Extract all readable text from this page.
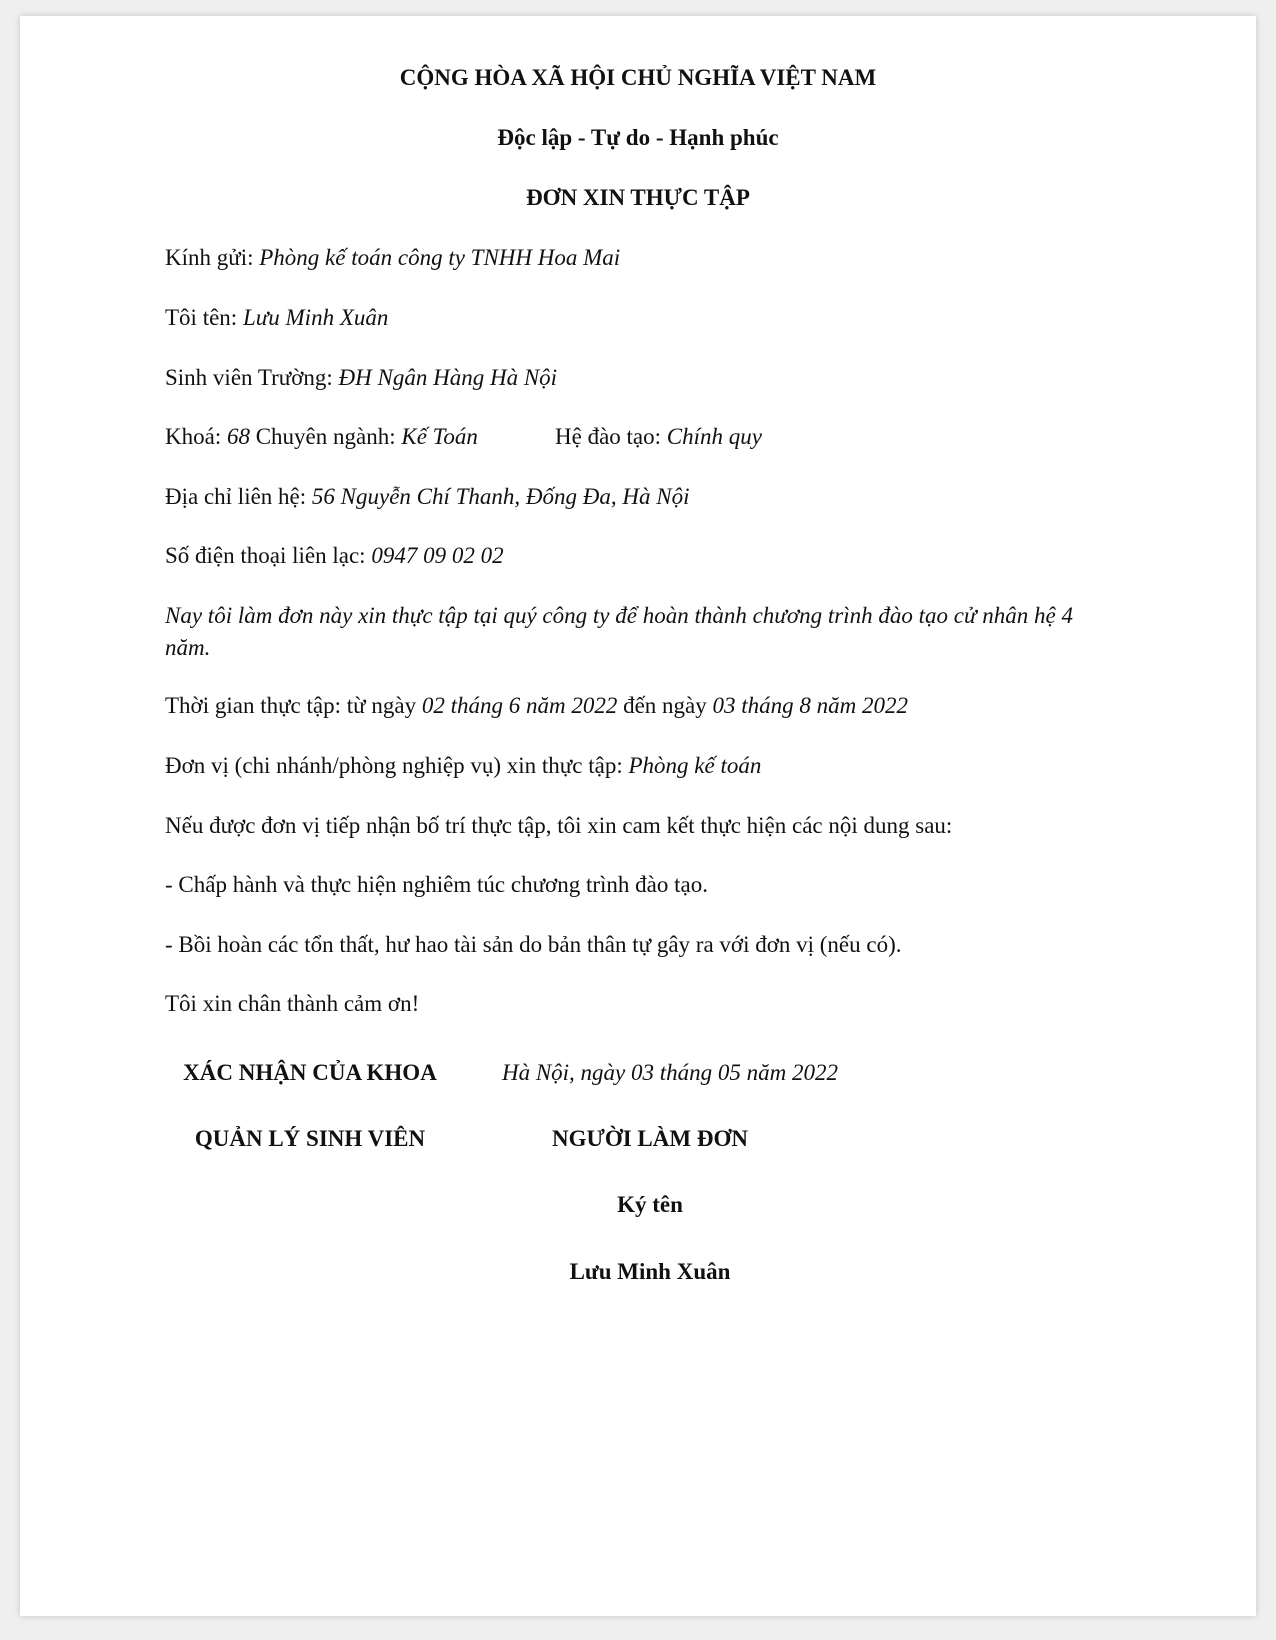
CỘNG HÒA XÃ HỘI CHỦ NGHĨA VIỆT NAM
Độc lập - Tự do - Hạnh phúc
ĐƠN XIN THỰC TẬP
Kính gửi: Phòng kế toán công ty TNHH Hoa Mai
Tôi tên: Lưu Minh Xuân
Sinh viên Trường: ĐH Ngân Hàng Hà Nội
Khoá: 68 Chuyên ngành: Kế Toán	Hệ đào tạo: Chính quy
Địa chỉ liên hệ: 56 Nguyễn Chí Thanh, Đống Đa, Hà Nội
Số điện thoại liên lạc: 0947 09 02 02
Nay tôi làm đơn này xin thực tập tại quý công ty để hoàn thành chương trình đào tạo cử nhân hệ 4 năm.
Thời gian thực tập: từ ngày 02 tháng 6 năm 2022 đến ngày 03 tháng 8 năm 2022
Đơn vị (chi nhánh/phòng nghiệp vụ) xin thực tập: Phòng kế toán
Nếu được đơn vị tiếp nhận bố trí thực tập, tôi xin cam kết thực hiện các nội dung sau:
- Chấp hành và thực hiện nghiêm túc chương trình đào tạo.
- Bồi hoàn các tổn thất, hư hao tài sản do bản thân tự gây ra với đơn vị (nếu có).
Tôi xin chân thành cảm ơn!
XÁC NHẬN CỦA KHOA	Hà Nội, ngày 03 tháng 05 năm 2022
QUẢN LÝ SINH VIÊN	NGƯỜI LÀM ĐƠN
Ký tên
Lưu Minh Xuân
